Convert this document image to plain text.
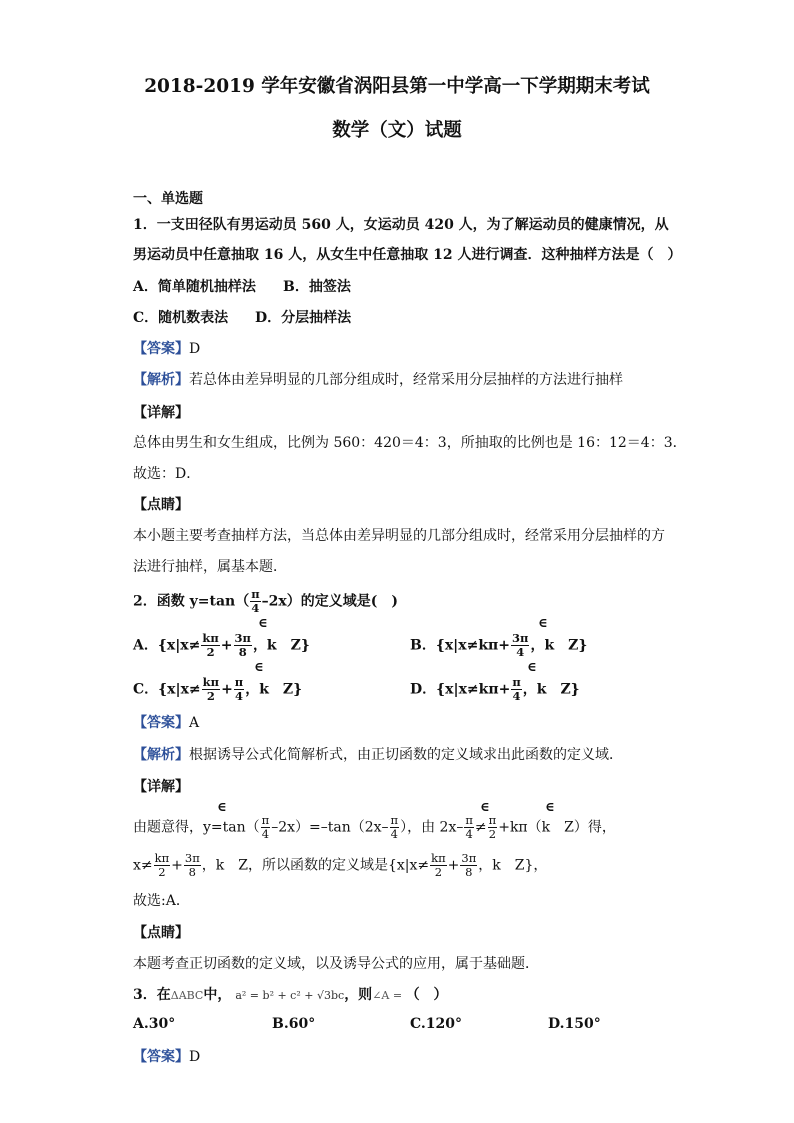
2018-2019 学年安徽省涡阳县第一中学高一下学期期末考试
数学（文）试题
一、单选题
1．一支田径队有男运动员 560 人，女运动员 420 人，为了解运动员的健康情况，从
男运动员中任意抽取 16 人，从女生中任意抽取 12 人进行调查．这种抽样方法是（　）
A．简单随机抽样法 B．抽签法
C．随机数表法 D．分层抽样法
【答案】D
【解析】若总体由差异明显的几部分组成时，经常采用分层抽样的方法进行抽样
【详解】
总体由男生和女生组成，比例为 560：420＝4：3，所抽取的比例也是 16：12＝4：3．
故选：D．
【点睛】
本小题主要考查抽样方法，当总体由差异明显的几部分组成时，经常采用分层抽样的方
法进行抽样，属基本题．
2．函数 $y=\tan( \frac{\pi}{4} -2x)$的定义域是(　)
∈
A．{$x|x\ne \frac{k\pi}{2} + \frac{3\pi}{8}$ ，k　Z}
∈
B．{$x|x\ne k\pi+ \frac{3\pi}{4}$ ，k　Z}
∈
C．{$x|x\ne \frac{k\pi}{2} + \frac{\pi}{4}$ ，k　Z}
∈
D．{$x|x\ne k\pi+ \frac{\pi}{4}$ ，k　Z}
【答案】A
【解析】根据诱导公式化简解析式，由正切函数的定义域求出此函数的定义域．
【详解】
∈	∈	∈
由题意得，$y=\tan( \frac{\pi}{4} -2x)=-\tan(2x- \frac{\pi}{4}$ ），由 $2x- \frac{\pi}{4} \ne \frac{\pi}{2} +k\pi(k$　Z）得，
$x\ne \frac{k\pi}{2} + \frac{3\pi}{8}$ ，k　Z，所以函数的定义域是{$x|x\ne \frac{k\pi}{2} + \frac{3\pi}{8}$ ，k　Z}，
故选:A．
【点睛】
本题考查正切函数的定义域，以及诱导公式的应用，属于基础题．
3．在ΔABC中， a² = b² + c² + √3bc，则∠A = （　）
A.30°	B.60°	C.120°	D.150°
【答案】D
